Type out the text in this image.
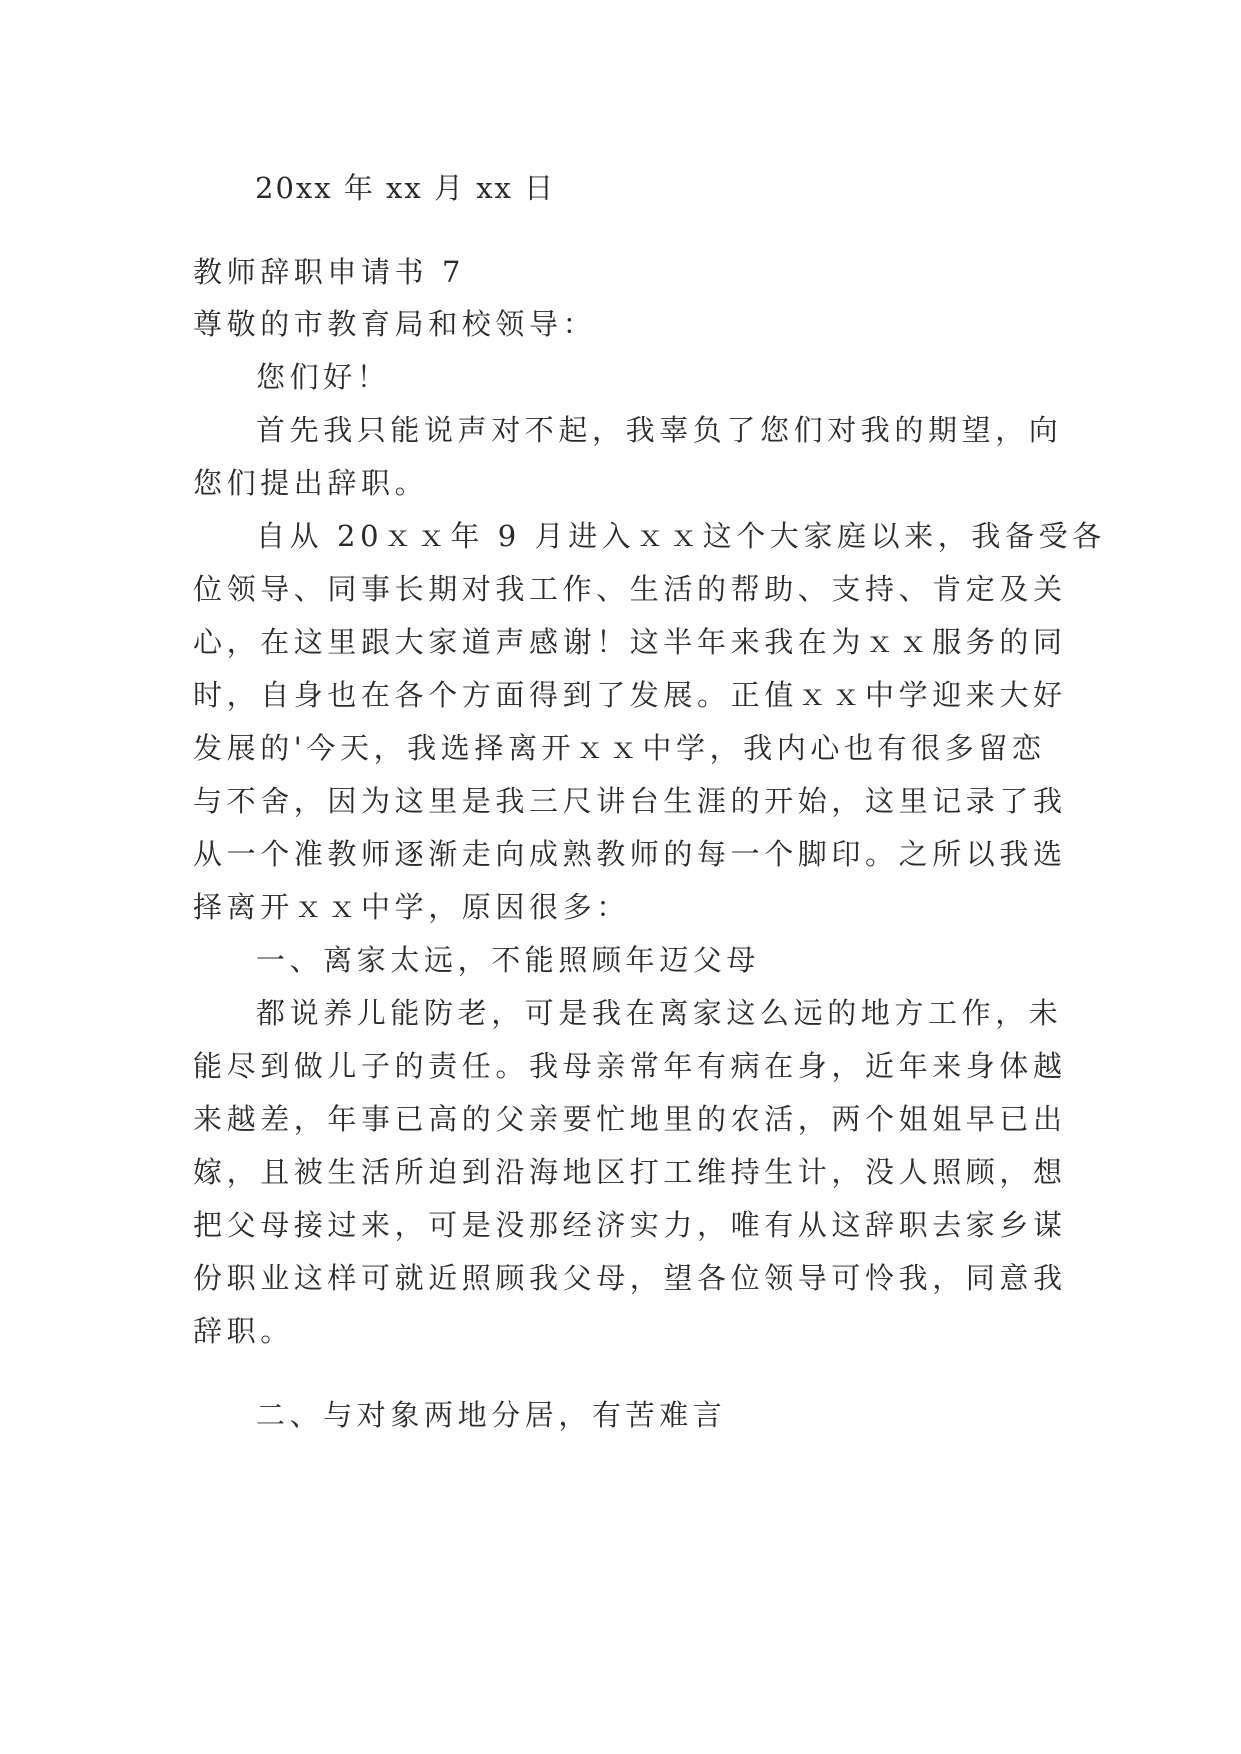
20xx 年 xx 月 xx 日
教师辞职申请书 7
尊敬的市教育局和校领导：
您们好！
首先我只能说声对不起，我辜负了您们对我的期望，向
您们提出辞职。
自从 20ｘｘ年 9 月进入ｘｘ这个大家庭以来，我备受各
位领导、同事长期对我工作、生活的帮助、支持、肯定及关
心，在这里跟大家道声感谢！这半年来我在为ｘｘ服务的同
时，自身也在各个方面得到了发展。正值ｘｘ中学迎来大好
发展的'今天，我选择离开ｘｘ中学，我内心也有很多留恋
与不舍，因为这里是我三尺讲台生涯的开始，这里记录了我
从一个准教师逐渐走向成熟教师的每一个脚印。之所以我选
择离开ｘｘ中学，原因很多：
一、离家太远，不能照顾年迈父母
都说养儿能防老，可是我在离家这么远的地方工作，未
能尽到做儿子的责任。我母亲常年有病在身，近年来身体越
来越差，年事已高的父亲要忙地里的农活，两个姐姐早已出
嫁，且被生活所迫到沿海地区打工维持生计，没人照顾，想
把父母接过来，可是没那经济实力，唯有从这辞职去家乡谋
份职业这样可就近照顾我父母，望各位领导可怜我，同意我
辞职。
二、与对象两地分居，有苦难言
